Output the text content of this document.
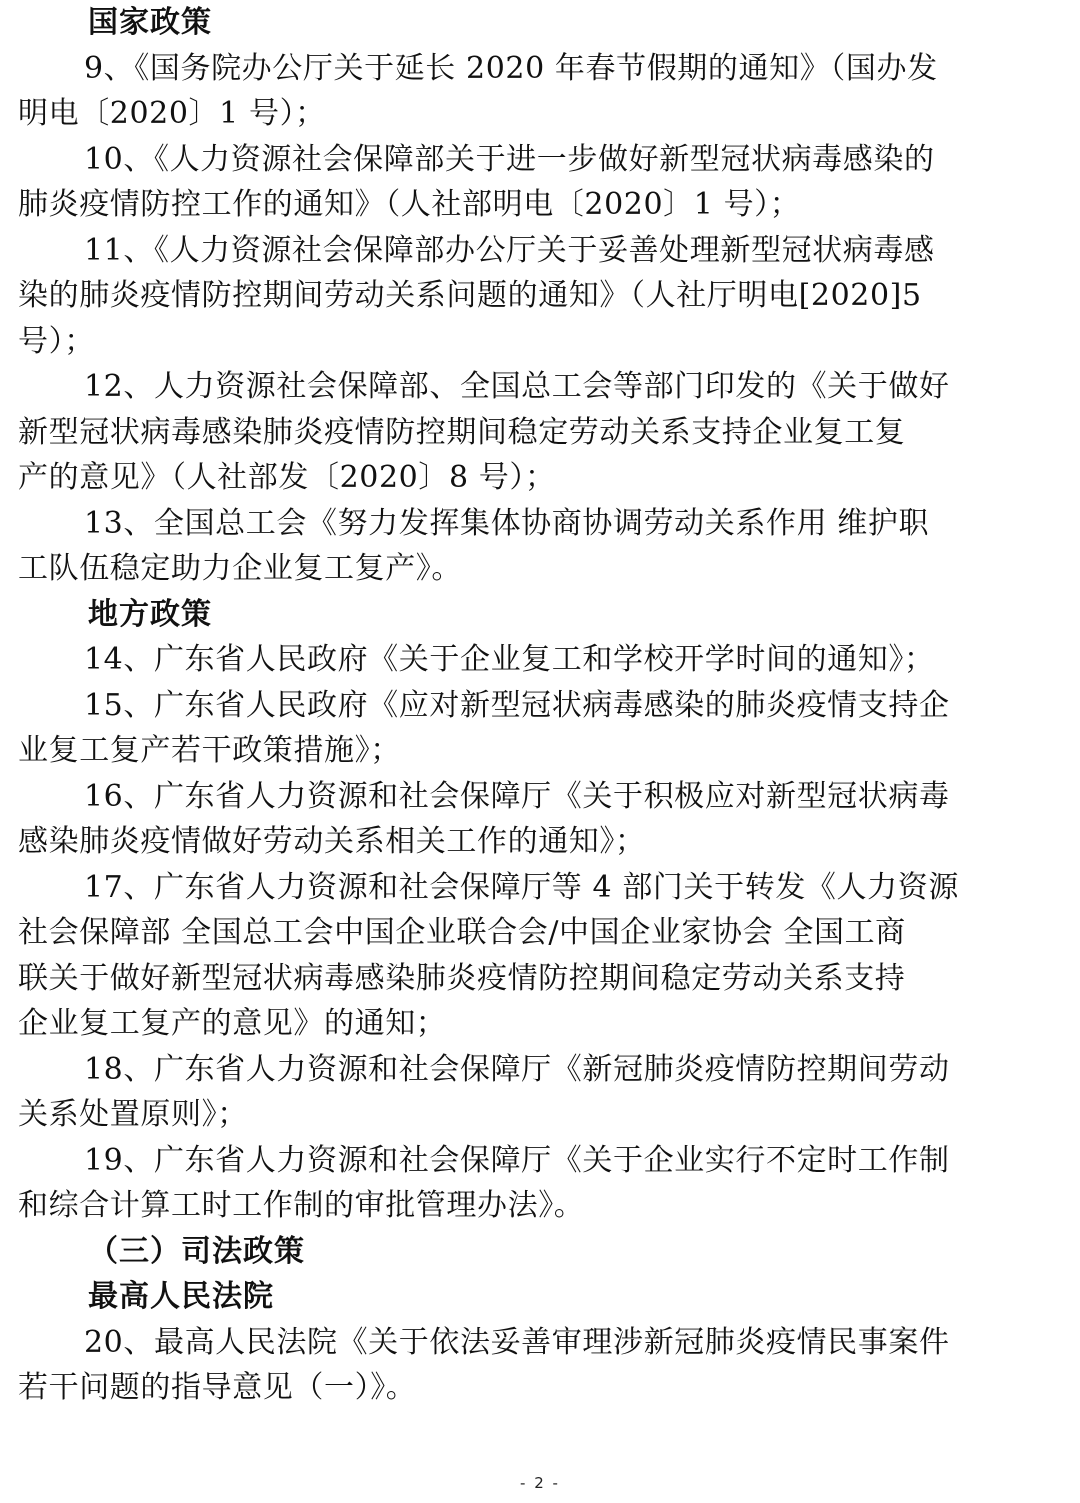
国家政策
9、《国务院办公厅关于延长 2020 年春节假期的通知》（国办发
明电〔2020〕1 号）；
10、《人力资源社会保障部关于进一步做好新型冠状病毒感染的
肺炎疫情防控工作的通知》（人社部明电〔2020〕1 号）；
11、《人力资源社会保障部办公厅关于妥善处理新型冠状病毒感
染的肺炎疫情防控期间劳动关系问题的通知》（人社厅明电[2020]5
号）；
12、人力资源社会保障部、全国总工会等部门印发的《关于做好
新型冠状病毒感染肺炎疫情防控期间稳定劳动关系支持企业复工复
产的意见》（人社部发〔2020〕8 号）；
13、全国总工会《努力发挥集体协商协调劳动关系作用 维护职
工队伍稳定助力企业复工复产》。
地方政策
14、广东省人民政府《关于企业复工和学校开学时间的通知》；
15、广东省人民政府《应对新型冠状病毒感染的肺炎疫情支持企
业复工复产若干政策措施》；
16、广东省人力资源和社会保障厅《关于积极应对新型冠状病毒
感染肺炎疫情做好劳动关系相关工作的通知》；
17、广东省人力资源和社会保障厅等 4 部门关于转发《人力资源
社会保障部 全国总工会中国企业联合会/中国企业家协会 全国工商
联关于做好新型冠状病毒感染肺炎疫情防控期间稳定劳动关系支持
企业复工复产的意见》的通知；
18、广东省人力资源和社会保障厅《新冠肺炎疫情防控期间劳动
关系处置原则》；
19、广东省人力资源和社会保障厅《关于企业实行不定时工作制
和综合计算工时工作制的审批管理办法》。
（三）司法政策
最高人民法院
20、最高人民法院《关于依法妥善审理涉新冠肺炎疫情民事案件
若干问题的指导意见（一）》。
- 2 -
